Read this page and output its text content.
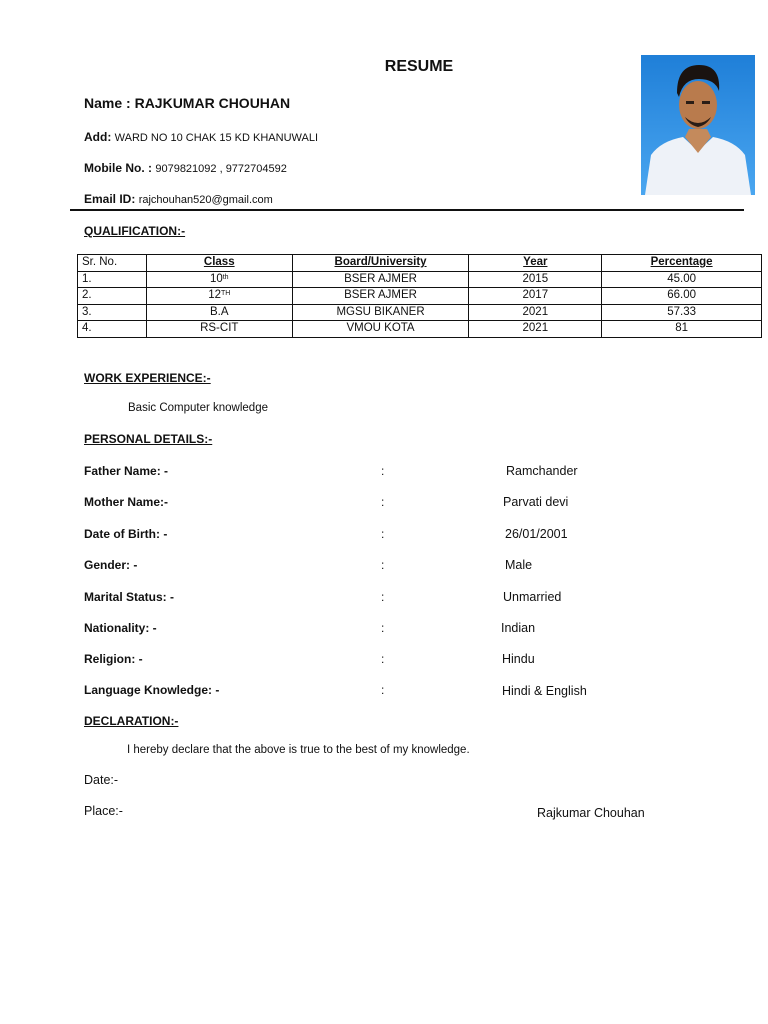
RESUME
Name : RAJKUMAR CHOUHAN
Add: WARD NO 10 CHAK 15 KD KHANUWALI
Mobile No. : 9079821092 , 9772704592
Email ID: rajchouhan520@gmail.com
QUALIFICATION:-
Sr. No.	Class	Board/University	Year	Percentage
1.	10th	BSER AJMER	2015	45.00
2.	12TH	BSER AJMER	2017	66.00
3.	B.A	MGSU BIKANER	2021	57.33
4.	RS-CIT	VMOU KOTA	2021	81
WORK EXPERIENCE:-
Basic Computer knowledge
PERSONAL DETAILS:-
Father Name: -	:	Ramchander
Mother Name:-	:	Parvati devi
Date of Birth: -	:	26/01/2001
Gender: -	:	Male
Marital Status: -	:	Unmarried
Nationality: -	:	Indian
Religion: -	:	Hindu
Language Knowledge: -	:	Hindi & English
DECLARATION:-
I hereby declare that the above is true to the best of my knowledge.
Date:-
Place:-	Rajkumar Chouhan
